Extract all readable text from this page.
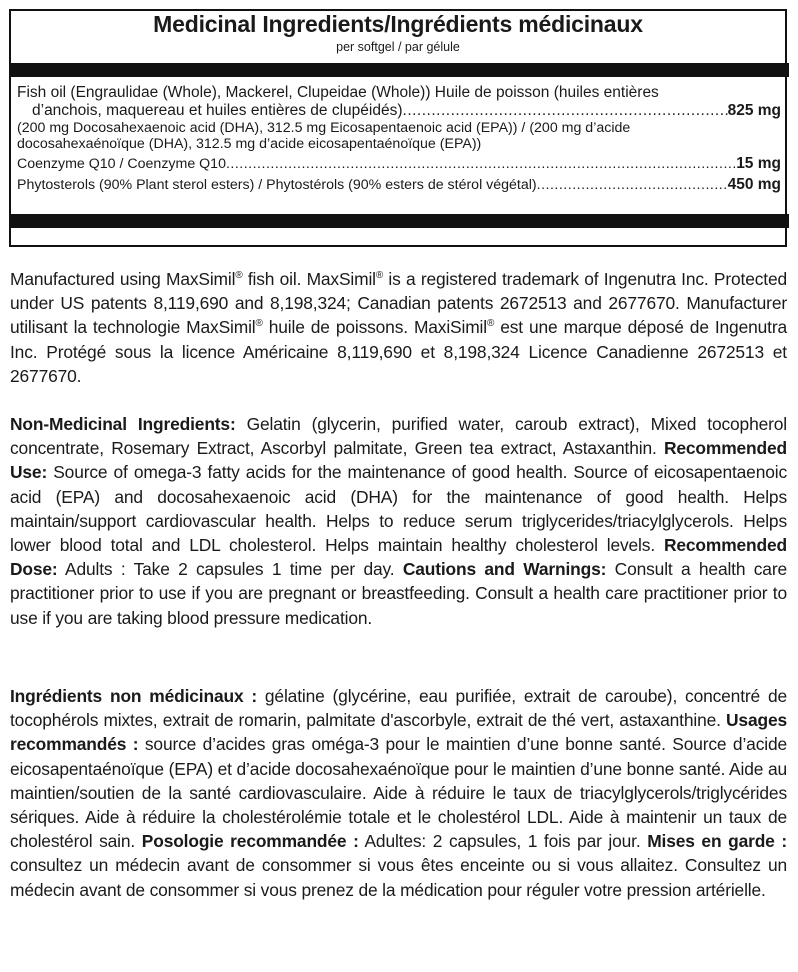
Medicinal Ingredients/Ingrédients médicinaux
per softgel / par gélule
Fish oil (Engraulidae (Whole), Mackerel, Clupeidae (Whole)) Huile de poisson (huiles entières
d’anchois, maquereau et huiles entières de clupéidés) .....	825 mg
(200 mg Docosahexaenoic acid (DHA), 312.5 mg Eicosapentaenoic acid (EPA)) / (200 mg d’acide
docosahexaénoïque (DHA), 312.5 mg d’acide eicosapentaénoïque (EPA))
Coenzyme Q10 / Coenzyme Q10 .....	15 mg
Phytosterols (90% Plant sterol esters) / Phytostérols (90% esters de stérol végétal) .....	450 mg
Manufactured using MaxSimil® fish oil. MaxSimil® is a registered trademark of Ingenutra Inc. Protected under US patents 8,119,690 and 8,198,324; Canadian patents 2672513 and 2677670. Manufacturer utilisant la technologie MaxSimil® huile de poissons. MaxiSimil® est une marque déposé de Ingenutra Inc. Protégé sous la licence Américaine 8,119,690 et 8,198,324 Licence Canadienne 2672513 et 2677670.
Non-Medicinal Ingredients: Gelatin (glycerin, purified water, caroub extract), Mixed tocopherol concentrate, Rosemary Extract, Ascorbyl palmitate, Green tea extract, Astaxanthin. Recommended Use: Source of omega-3 fatty acids for the maintenance of good health. Source of eicosapentaenoic acid (EPA) and docosahexaenoic acid (DHA) for the maintenance of good health. Helps maintain/support cardiovascular health. Helps to reduce serum triglycerides/triacylglycerols. Helps lower blood total and LDL cholesterol. Helps maintain healthy cholesterol levels. Recommended Dose: Adults : Take 2 capsules 1 time per day. Cautions and Warnings: Consult a health care practitioner prior to use if you are pregnant or breastfeeding. Consult a health care practitioner prior to use if you are taking blood pressure medication.
Ingrédients non médicinaux : gélatine (glycérine, eau purifiée, extrait de caroube), concentré de tocophérols mixtes, extrait de romarin, palmitate d'ascorbyle, extrait de thé vert, astaxanthine. Usages recommandés : source d’acides gras oméga-3 pour le maintien d’une bonne santé. Source d’acide eicosapentaénoïque (EPA) et d’acide docosahexaénoïque pour le maintien d’une bonne santé. Aide au maintien/soutien de la santé cardiovasculaire. Aide à réduire le taux de triacylglycerols/triglycérides sériques. Aide à réduire la cholestérolémie totale et le cholestérol LDL. Aide à maintenir un taux de cholestérol sain. Posologie recommandée : Adultes: 2 capsules, 1 fois par jour. Mises en garde : consultez un médecin avant de consommer si vous êtes enceinte ou si vous allaitez. Consultez un médecin avant de consommer si vous prenez de la médication pour réguler votre pression artérielle.
